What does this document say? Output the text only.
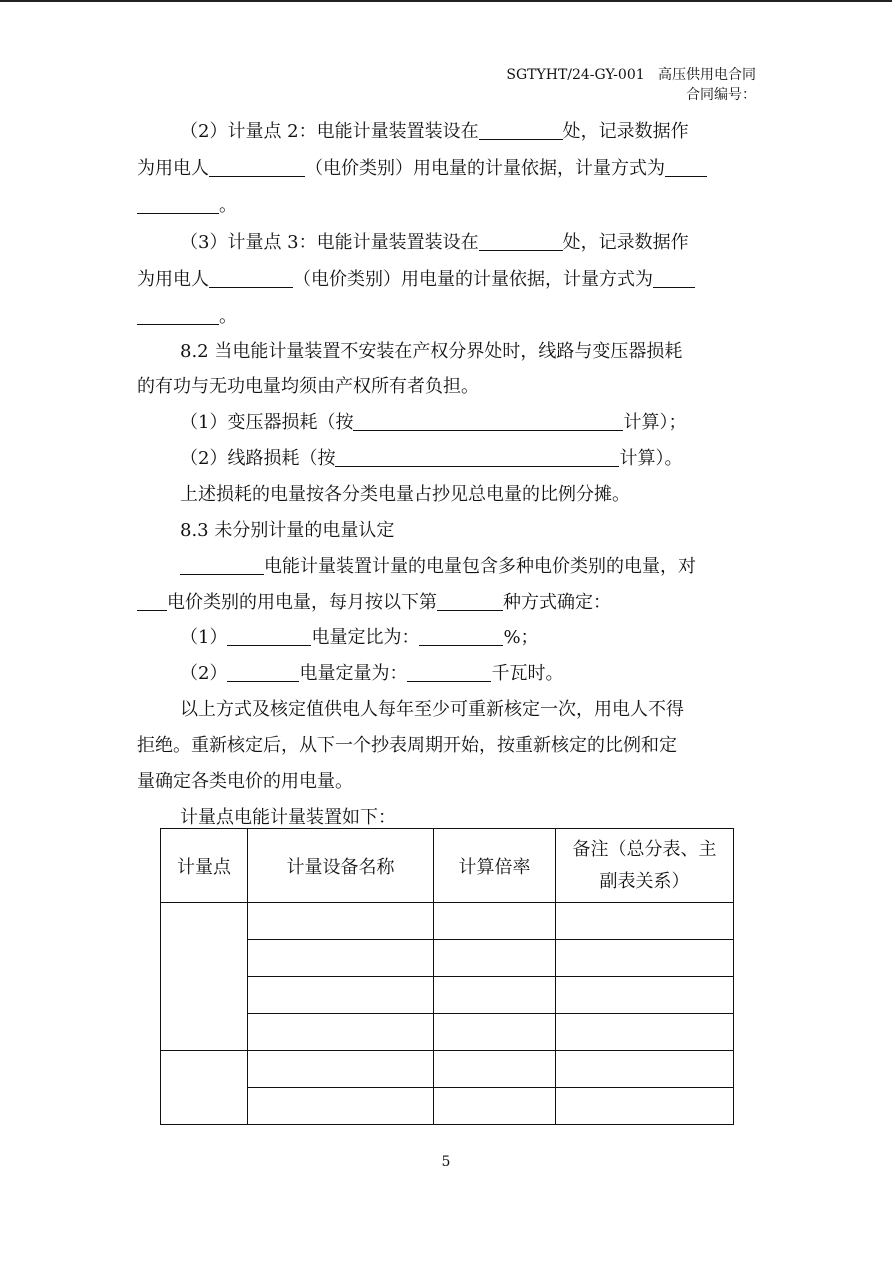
SGTYHT/24-GY-001 高压供用电合同
合同编号：
（2）计量点 2：电能计量装置装设在	处，记录数据作
为用电人	（电价类别）用电量的计量依据，计量方式为
。
（3）计量点 3：电能计量装置装设在	处，记录数据作
为用电人	（电价类别）用电量的计量依据，计量方式为
。
8.2 当电能计量装置不安装在产权分界处时，线路与变压器损耗
的有功与无功电量均须由产权所有者负担。
（1）变压器损耗（按	计算）；
（2）线路损耗（按	计算）。
上述损耗的电量按各分类电量占抄见总电量的比例分摊。
8.3 未分别计量的电量认定
电能计量装置计量的电量包含多种电价类别的电量，对
电价类别的用电量，每月按以下第	种方式确定：
（1）	电量定比为：	%；
（2）	电量定量为：	千瓦时。
以上方式及核定值供电人每年至少可重新核定一次，用电人不得
拒绝。重新核定后，从下一个抄表周期开始，按重新核定的比例和定
量确定各类电价的用电量。
计量点电能计量装置如下：
计量点	计量设备名称	计算倍率	备注（总分表、主
副表关系）

5
